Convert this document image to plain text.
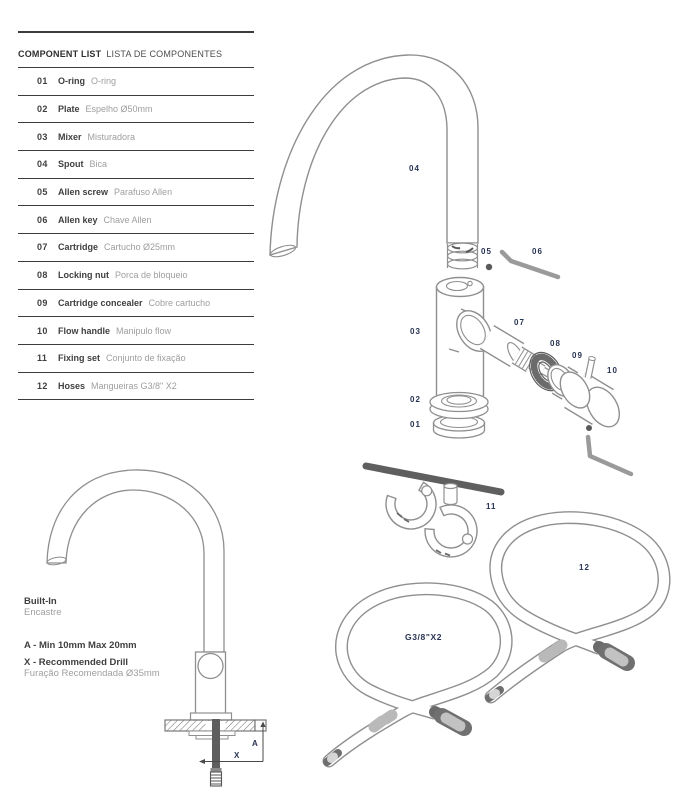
COMPONENT LIST LISTA DE COMPONENTES
01	O-ring O-ring
02	Plate Espelho Ø50mm
03	Mixer Misturadora
04	Spout Bica
05	Allen screw Parafuso Allen
06	Allen key Chave Allen
07	Cartridge Cartucho Ø25mm
08	Locking nut Porca de bloqueio
09	Cartridge concealer Cobre cartucho
10	Flow handle Manipulo flow
11	Fixing set Conjunto de fixação
12	Hoses Mangueiras G3/8" X2
04
05	06
03
07
08
09
10
02
01
11
12
G3/8"X2
Built-In
Encastre
A - Min 10mm Max 20mm
X - Recommended Drill
Furação Recomendada Ø35mm
A
X
